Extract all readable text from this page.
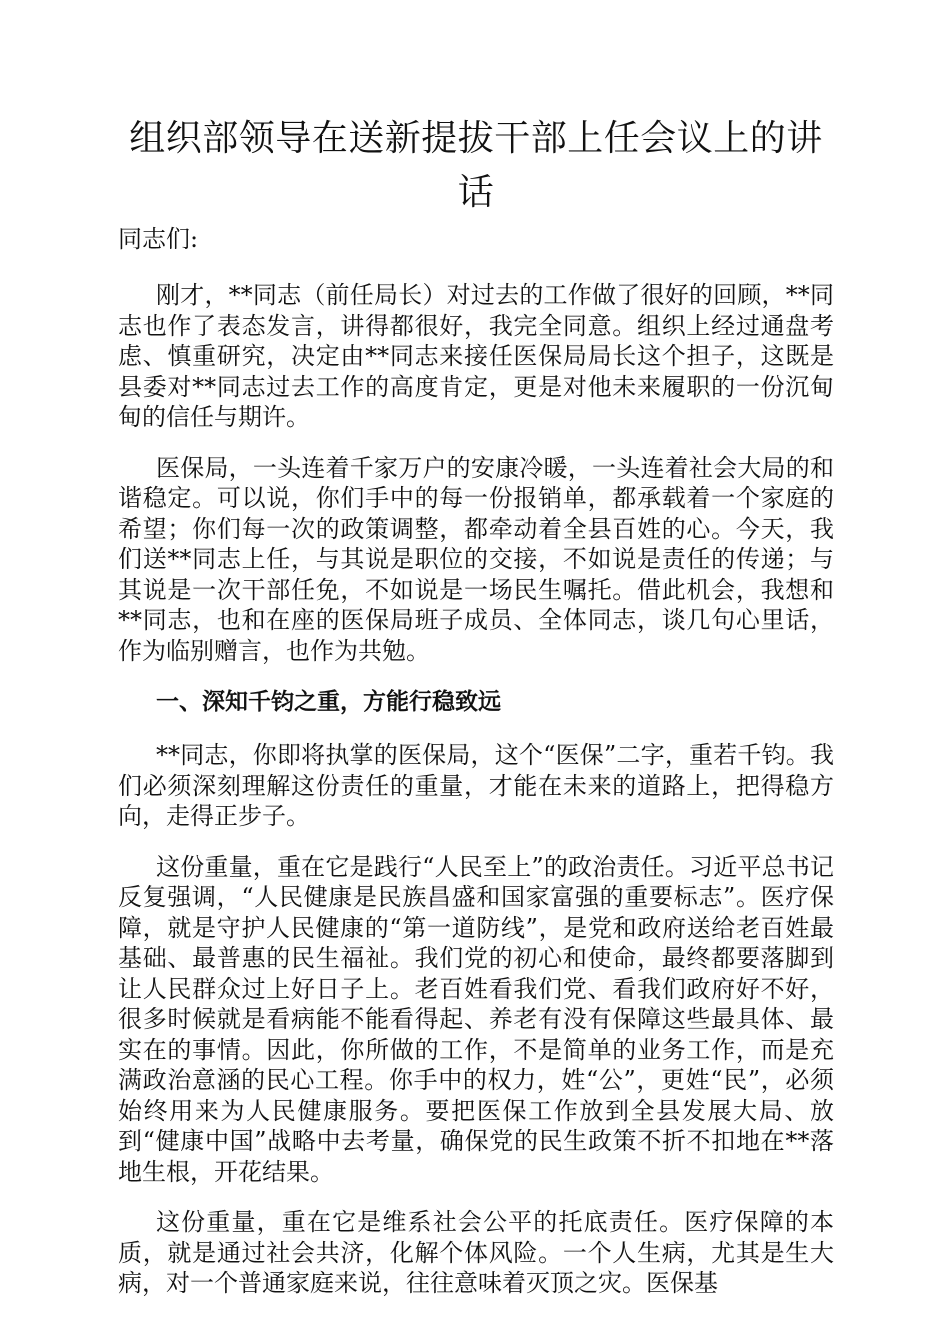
组织部领导在送新提拔干部上任会议上的讲话

同志们:

刚才，**同志（前任局长）对过去的工作做了很好的回顾，**同志也作了表态发言，讲得都很好，我完全同意。组织上经过通盘考虑、慎重研究，决定由**同志来接任医保局局长这个担子，这既是县委对**同志过去工作的高度肯定，更是对他未来履职的一份沉甸甸的信任与期许。

医保局，一头连着千家万户的安康冷暖，一头连着社会大局的和谐稳定。可以说，你们手中的每一份报销单，都承载着一个家庭的希望；你们每一次的政策调整，都牵动着全县百姓的心。今天，我们送**同志上任，与其说是职位的交接，不如说是责任的传递；与其说是一次干部任免，不如说是一场民生嘱托。借此机会，我想和**同志，也和在座的医保局班子成员、全体同志，谈几句心里话，作为临别赠言，也作为共勉。

一、深知千钧之重，方能行稳致远

**同志，你即将执掌的医保局，这个“医保”二字，重若千钧。我们必须深刻理解这份责任的重量，才能在未来的道路上，把得稳方向，走得正步子。

这份重量，重在它是践行“人民至上”的政治责任。习近平总书记反复强调，“人民健康是民族昌盛和国家富强的重要标志”。医疗保障，就是守护人民健康的“第一道防线”，是党和政府送给老百姓最基础、最普惠的民生福祉。我们党的初心和使命，最终都要落脚到让人民群众过上好日子上。老百姓看我们党、看我们政府好不好，很多时候就是看病能不能看得起、养老有没有保障这些最具体、最实在的事情。因此，你所做的工作，不是简单的业务工作，而是充满政治意涵的民心工程。你手中的权力，姓“公”，更姓“民”，必须始终用来为人民健康服务。要把医保工作放到全县发展大局、放到“健康中国”战略中去考量，确保党的民生政策不折不扣地在**落地生根，开花结果。

这份重量，重在它是维系社会公平的托底责任。医疗保障的本质，就是通过社会共济，化解个体风险。一个人生病，尤其是生大病，对一个普通家庭来说，往往意味着灭顶之灾。医保基
